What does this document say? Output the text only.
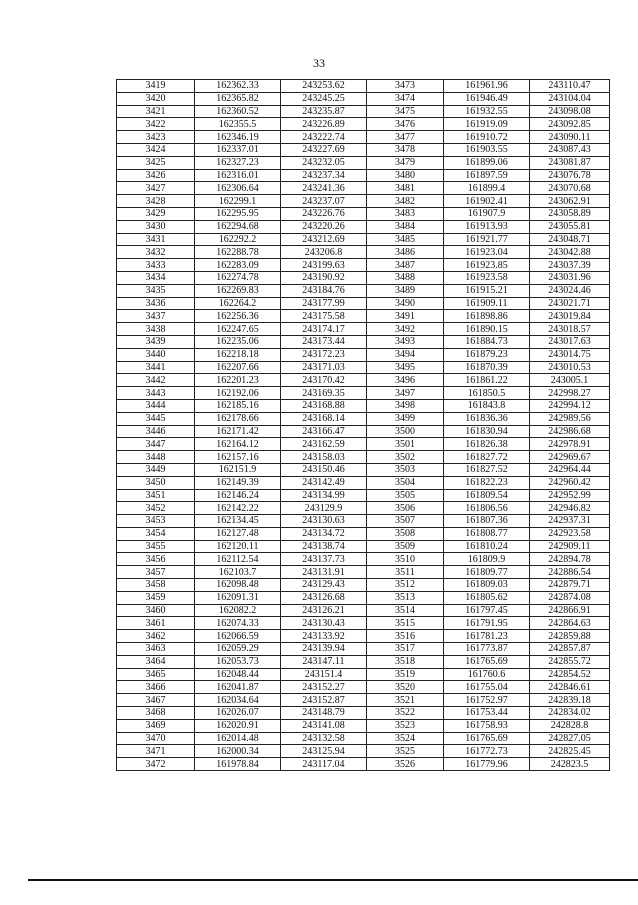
33
3419	162362.33	243253.62	3473	161961.96	243110.47
3420	162365.82	243245.25	3474	161946.49	243104.04
3421	162360.52	243235.87	3475	161932.55	243098.08
3422	162355.5	243226.89	3476	161919.09	243092.85
3423	162346.19	243222.74	3477	161910.72	243090.11
3424	162337.01	243227.69	3478	161903.55	243087.43
3425	162327.23	243232.05	3479	161899.06	243081.87
3426	162316.01	243237.34	3480	161897.59	243076.78
3427	162306.64	243241.36	3481	161899.4	243070.68
3428	162299.1	243237.07	3482	161902.41	243062.91
3429	162295.95	243226.76	3483	161907.9	243058.89
3430	162294.68	243220.26	3484	161913.93	243055.81
3431	162292.2	243212.69	3485	161921.77	243048.71
3432	162288.78	243206.8	3486	161923.04	243042.88
3433	162283.09	243199.63	3487	161923.85	243037.39
3434	162274.78	243190.92	3488	161923.58	243031.96
3435	162269.83	243184.76	3489	161915.21	243024.46
3436	162264.2	243177.99	3490	161909.11	243021.71
3437	162256.36	243175.58	3491	161898.86	243019.84
3438	162247.65	243174.17	3492	161890.15	243018.57
3439	162235.06	243173.44	3493	161884.73	243017.63
3440	162218.18	243172.23	3494	161879.23	243014.75
3441	162207.66	243171.03	3495	161870.39	243010.53
3442	162201.23	243170.42	3496	161861.22	243005.1
3443	162192.06	243169.35	3497	161850.5	242998.27
3444	162185.16	243168.88	3498	161843.8	242994.12
3445	162178.66	243168.14	3499	161836.36	242989.56
3446	162171.42	243166.47	3500	161830.94	242986.68
3447	162164.12	243162.59	3501	161826.38	242978.91
3448	162157.16	243158.03	3502	161827.72	242969.67
3449	162151.9	243150.46	3503	161827.52	242964.44
3450	162149.39	243142.49	3504	161822.23	242960.42
3451	162146.24	243134.99	3505	161809.54	242952.99
3452	162142.22	243129.9	3506	161806.56	242946.82
3453	162134.45	243130.63	3507	161807.36	242937.31
3454	162127.48	243134.72	3508	161808.77	242923.58
3455	162120.11	243138.74	3509	161810.24	242909.11
3456	162112.54	243137.73	3510	161809.9	242894.78
3457	162103.7	243131.91	3511	161809.77	242886.54
3458	162098.48	243129.43	3512	161809.03	242879.71
3459	162091.31	243126.68	3513	161805.62	242874.08
3460	162082.2	243126.21	3514	161797.45	242866.91
3461	162074.33	243130.43	3515	161791.95	242864.63
3462	162066.59	243133.92	3516	161781.23	242859.88
3463	162059.29	243139.94	3517	161773.87	242857.87
3464	162053.73	243147.11	3518	161765.69	242855.72
3465	162048.44	243151.4	3519	161760.6	242854.52
3466	162041.87	243152.27	3520	161755.04	242846.61
3467	162034.64	243152.87	3521	161752.97	242839.18
3468	162026.07	243148.79	3522	161753.44	242834.02
3469	162020.91	243141.08	3523	161758.93	242828.8
3470	162014.48	243132.58	3524	161765.69	242827.05
3471	162000.34	243125.94	3525	161772.73	242825.45
3472	161978.84	243117.04	3526	161779.96	242823.5
